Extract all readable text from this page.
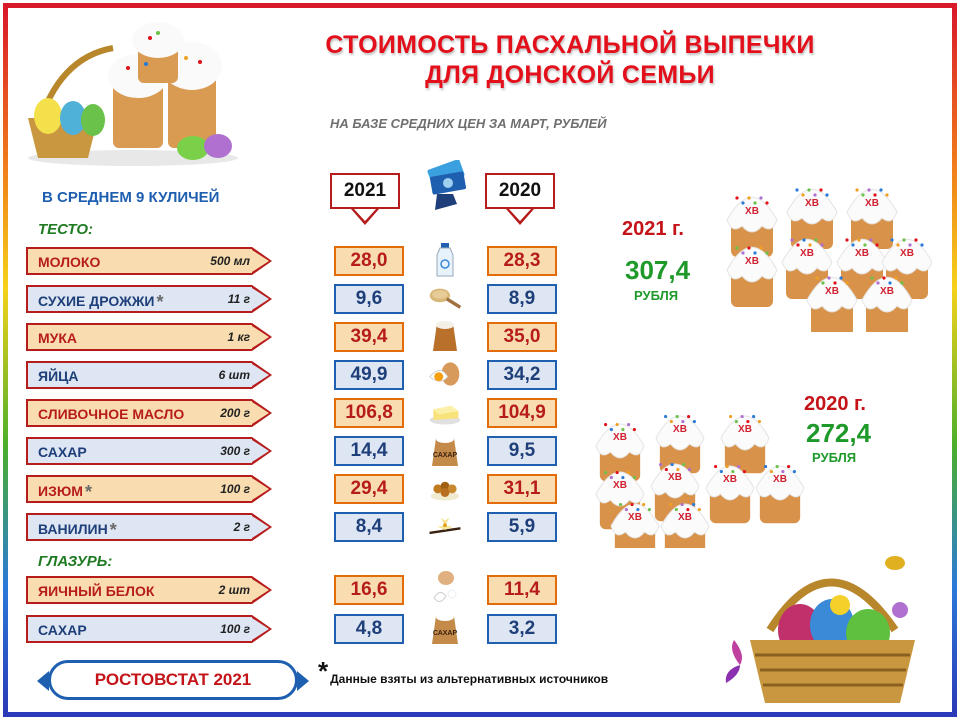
СТОИМОСТЬ ПАСХАЛЬНОЙ ВЫПЕЧКИ
ДЛЯ ДОНСКОЙ СЕМЬИ
НА БАЗЕ СРЕДНИХ ЦЕН ЗА МАРТ, РУБЛЕЙ
В СРЕДНЕМ 9 КУЛИЧЕЙ
ТЕСТО:
ГЛАЗУРЬ:
2021	2020
МОЛОКО	500 мл	28,0	28,3
СУХИЕ ДРОЖЖИ *	11 г	9,6	8,9
МУКА	1 кг	39,4	35,0
ЯЙЦА	6 шт	49,9	34,2
СЛИВОЧНОЕ МАСЛО	200 г	106,8	104,9
САХАР	300 г	14,4	9,5
САХАР
ИЗЮМ *	100 г	29,4	31,1
ВАНИЛИН *	2 г	8,4	5,9
ЯИЧНЫЙ БЕЛОК	2 шт	16,6	11,4
САХАР	100 г	4,8	3,2
САХАР
ХВ
ХВ	ХВ
ХВ
ХВ	ХВ	ХВ
ХВ	ХВ
2021 г.
307,4
РУБЛЯ
ХВ
ХВ	ХВ
ХВ
ХВ	ХВ	ХВ
ХВ
ХВ
2020 г.
272,4
РУБЛЯ
РОСТОВСТАТ 2021	* $_{Данные взяты из альтернативных источников}$
